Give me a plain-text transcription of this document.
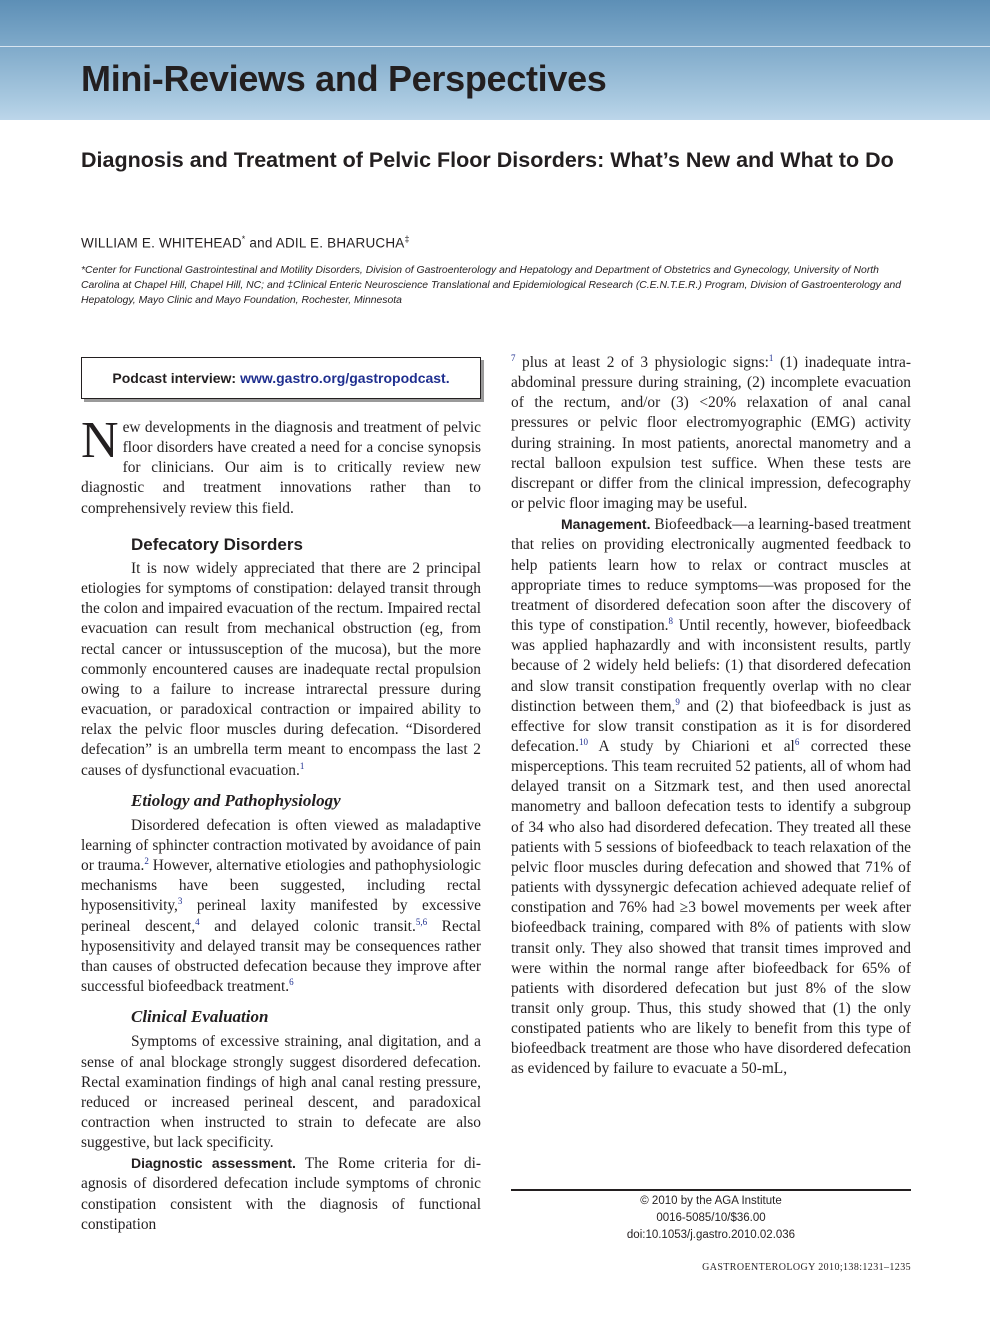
Mini-Reviews and Perspectives
Diagnosis and Treatment of Pelvic Floor Disorders: What’s New and What to Do
WILLIAM E. WHITEHEAD* and ADIL E. BHARUCHA‡
*Center for Functional Gastrointestinal and Motility Disorders, Division of Gastroenterology and Hepatology and Department of Obstetrics and Gynecology, University of North Carolina at Chapel Hill, Chapel Hill, NC; and ‡Clinical Enteric Neuroscience Translational and Epidemiological Research (C.E.N.T.E.R.) Program, Division of Gastroenterology and Hepatology, Mayo Clinic and Mayo Foundation, Rochester, Minnesota
Podcast interview: www.gastro.org/gastropodcast.

New developments in the diagnosis and treatment of pelvic floor disorders have created a need for a concise synopsis for clinicians. Our aim is to critically review new diagnostic and treatment innovations rather than to comprehensively review this field.

Defecatory Disorders

It is now widely appreciated that there are 2 principal etiologies for symptoms of constipation: delayed transit through the colon and impaired evacuation of the rectum. Impaired rectal evacuation can result from mechanical obstruction (eg, from rectal cancer or intussusception of the mucosa), but the more commonly encountered causes are inadequate rectal propulsion owing to a failure to increase intrarectal pressure during evacuation, or paradoxical contraction or impaired ability to relax the pelvic floor muscles during defecation. “Disordered defecation” is an umbrella term meant to encompass the last 2 causes of dysfunctional evacuation.$^1$

Etiology and Pathophysiology

Disordered defecation is often viewed as maladaptive learning of sphincter contraction motivated by avoidance of pain or trauma.$^2$ However, alternative etiologies and pathophysiologic mechanisms have been suggested, including rectal hyposensitivity,$^3$ perineal laxity manifested by excessive perineal descent,$^4$ and delayed colonic transit.$^{5,6}$ Rectal hyposensitivity and delayed transit may be consequences rather than causes of obstructed defecation because they improve after successful biofeedback treatment.$^6$

Clinical Evaluation

Symptoms of excessive straining, anal digitation, and a sense of anal blockage strongly suggest disordered defecation. Rectal examination findings of high anal canal resting pressure, reduced or increased perineal descent, and paradoxical contraction when instructed to strain to defecate are also suggestive, but lack specificity.

Diagnostic assessment. The Rome criteria for diagnosis of disordered defecation include symptoms of chronic constipation consistent with the diagnosis of functional constipation

$^7$ plus at least 2 of 3 physiologic signs:$^1$ (1) inadequate intra-abdominal pressure during straining, (2) incomplete evacuation of the rectum, and/or (3) <20% relaxation of anal canal pressures or pelvic floor electromyographic (EMG) activity during straining. In most patients, anorectal manometry and a rectal balloon expulsion test suffice. When these tests are discrepant or differ from the clinical impression, defecography or pelvic floor imaging may be useful.

Management. Biofeedback—a learning-based treatment that relies on providing electronically augmented feedback to help patients learn how to relax or contract muscles at appropriate times to reduce symptoms—was proposed for the treatment of disordered defecation soon after the discovery of this type of constipation.$^8$ Until recently, however, biofeedback was applied haphazardly and with inconsistent results, partly because of 2 widely held beliefs: (1) that disordered defecation and slow transit constipation frequently overlap with no clear distinction between them,$^9$ and (2) that biofeedback is just as effective for slow transit constipation as it is for disordered defecation.$^{10}$ A study by Chiarioni et al$^6$ corrected these misperceptions. This team recruited 52 patients, all of whom had delayed transit on a Sitzmark test, and then used anorectal manometry and balloon defecation tests to identify a subgroup of 34 who also had disordered defecation. They treated all these patients with 5 sessions of biofeedback to teach relaxation of the pelvic floor muscles during defecation and showed that 71% of patients with dyssynergic defecation achieved adequate relief of constipation and 76% had ≥3 bowel movements per week after biofeedback training, compared with 8% of patients with slow transit only. They also showed that transit times improved and were within the normal range after biofeedback for 65% of patients with disordered defecation but just 8% of the slow transit only group. Thus, this study showed that (1) the only constipated patients who are likely to benefit from this type of biofeedback treatment are those who have disordered defecation as evidenced by failure to evacuate a 50-mL,

© 2010 by the AGA Institute
0016-5085/10/$36.00
doi:10.1053/j.gastro.2010.02.036
GASTROENTEROLOGY 2010;138:1231–1235
